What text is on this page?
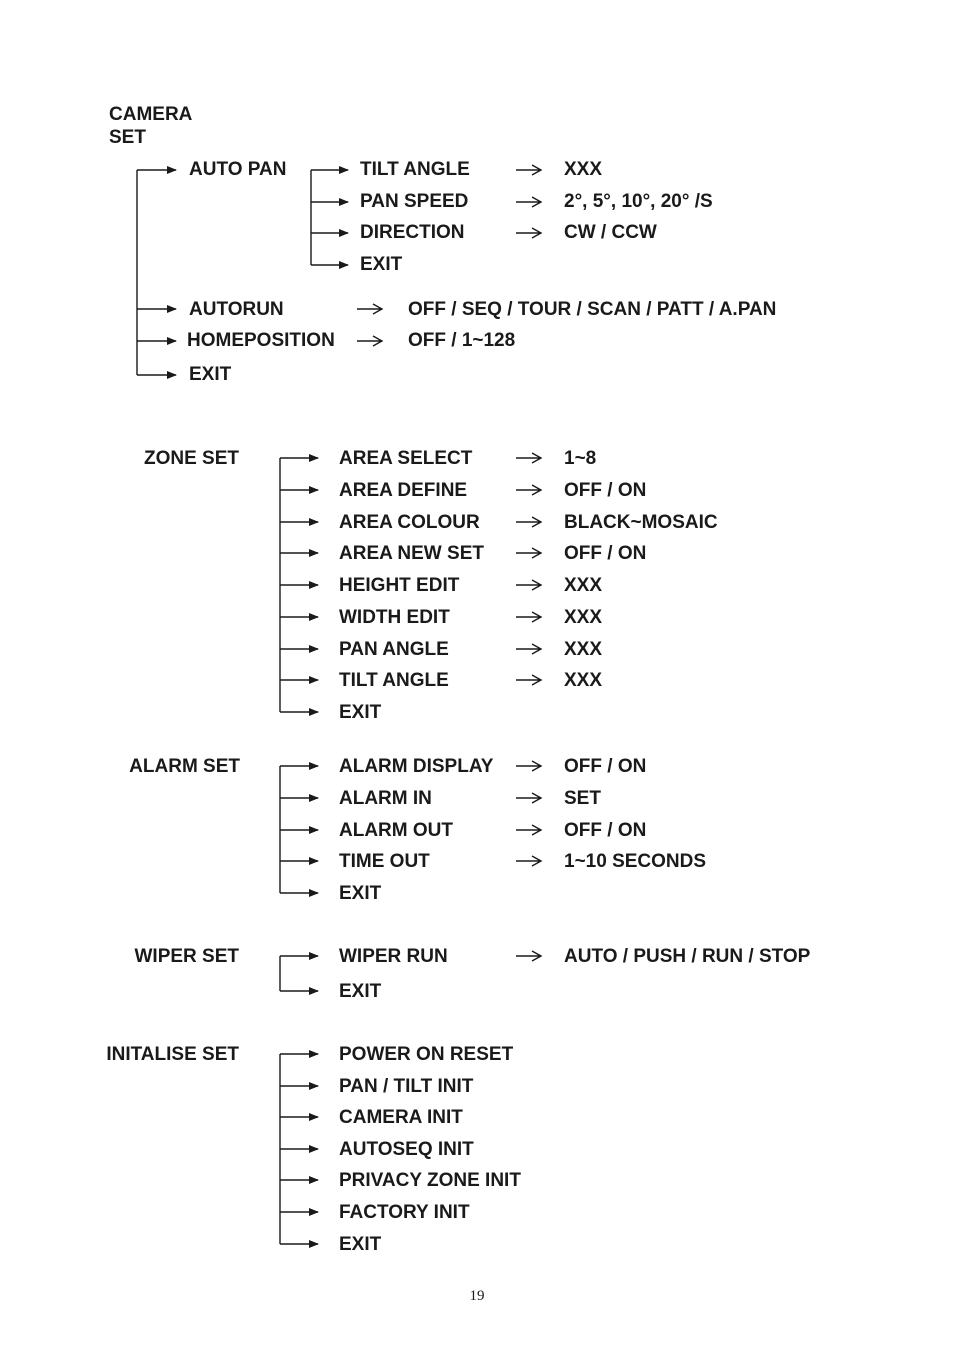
CAMERA
SET
AUTO PAN	TILT ANGLE	XXX
PAN SPEED	2°, 5°, 10°, 20° /S
DIRECTION	CW / CCW
EXIT
AUTORUN	OFF / SEQ / TOUR / SCAN / PATT / A.PAN
HOMEPOSITION	OFF / 1~128
EXIT
ZONE SET
ALARM SET
WIPER SET
INITALISE SET
19
AREA SELECT	1~8
AREA DEFINE	OFF / ON
AREA COLOUR	BLACK~MOSAIC
AREA NEW SET	OFF / ON
HEIGHT EDIT	XXX
WIDTH EDIT	XXX
PAN ANGLE	XXX
TILT ANGLE	XXX
EXIT
ALARM DISPLAY	OFF / ON
ALARM IN	SET
ALARM OUT	OFF / ON
TIME OUT	1~10 SECONDS
EXIT
WIPER RUN	AUTO / PUSH / RUN / STOP
EXIT
POWER ON RESET
PAN / TILT INIT
CAMERA INIT
AUTOSEQ INIT
PRIVACY ZONE INIT
FACTORY INIT
EXIT
